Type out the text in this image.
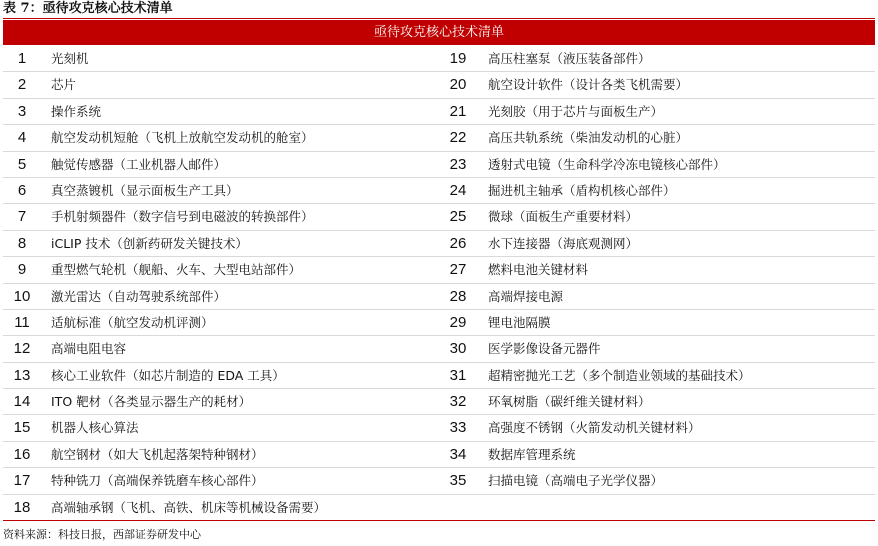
表 7：亟待攻克核心技术清单
亟待攻克核心技术清单
1	光刻机	19	高压柱塞泵（液压装备部件）
2	芯片	20	航空设计软件（设计各类飞机需要）
3	操作系统	21	光刻胶（用于芯片与面板生产）
4	航空发动机短舱（飞机上放航空发动机的舱室）	22	高压共轨系统（柴油发动机的心脏）
5	触觉传感器（工业机器人邮件）	23	透射式电镜（生命科学冷冻电镜核心部件）
6	真空蒸镀机（显示面板生产工具）	24	掘进机主轴承（盾构机核心部件）
7	手机射频器件（数字信号到电磁波的转换部件）	25	微球（面板生产重要材料）
8	iCLIP 技术（创新药研发关键技术）	26	水下连接器（海底观测网）
9	重型燃气轮机（舰船、火车、大型电站部件）	27	燃料电池关键材料
10	激光雷达（自动驾驶系统部件）	28	高端焊接电源
11	适航标准（航空发动机评测）	29	锂电池隔膜
12	高端电阻电容	30	医学影像设备元器件
13	核心工业软件（如芯片制造的 EDA 工具）	31	超精密抛光工艺（多个制造业领域的基础技术）
14	ITO 靶材（各类显示器生产的耗材）	32	环氧树脂（碳纤维关键材料）
15	机器人核心算法	33	高强度不锈钢（火箭发动机关键材料）
16	航空钢材（如大飞机起落架特种钢材）	34	数据库管理系统
17	特种铣刀（高端保养铣磨车核心部件）	35	扫描电镜（高端电子光学仪器）
18	高端轴承钢（飞机、高铁、机床等机械设备需要）
资料来源：科技日报，西部证券研发中心
